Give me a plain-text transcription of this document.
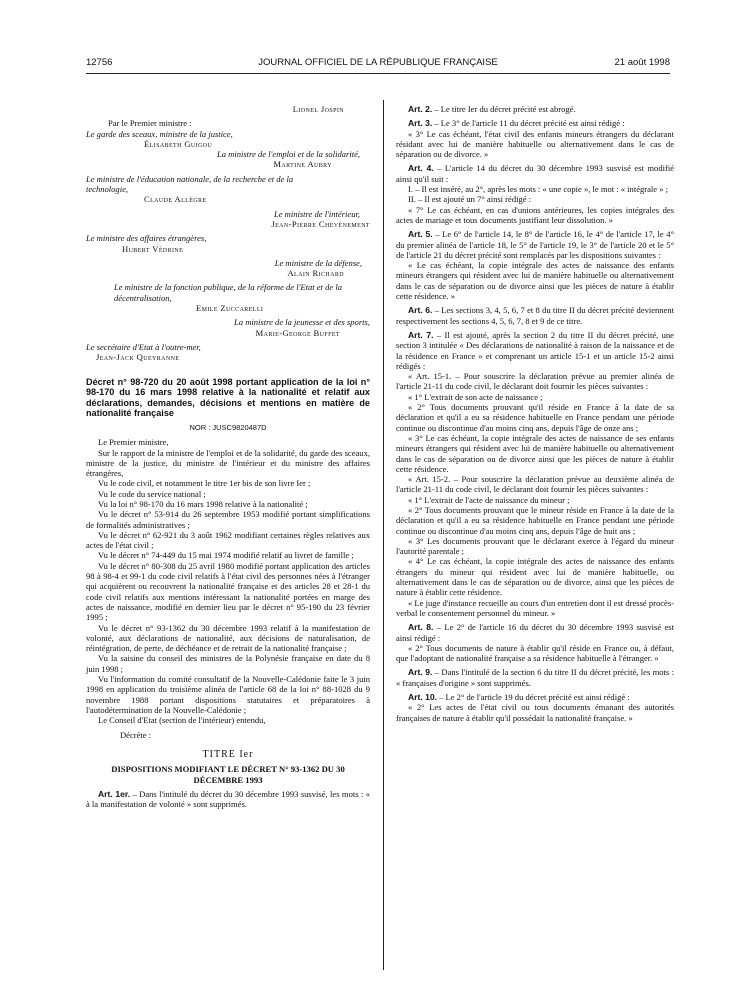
12756	JOURNAL OFFICIEL DE LA RÉPUBLIQUE FRANÇAISE	21 août 1998

Lionel Jospin

Par le Premier ministre :

Le garde des sceaux, ministre de la justice,

Élisabeth Guigou

La ministre de l'emploi et de la solidarité,

Martine Aubry

Le ministre de l'éducation nationale, de la recherche et de la technologie,

Claude Allègre

Le ministre de l'intérieur,

Jean-Pierre Chevènement

Le ministre des affaires étrangères,

Hubert Védrine

Le ministre de la défense,

Alain Richard

Le ministre de la fonction publique, de la réforme de l'Etat et de la décentralisation,

Emile Zuccarelli

La ministre de la jeunesse et des sports,

Marie-George Buffet

Le secrétaire d'Etat à l'outre-mer,

Jean-Jack Queyranne

Décret n° 98-720 du 20 août 1998 portant application de la loi n° 98-170 du 16 mars 1998 relative à la nationalité et relatif aux déclarations, demandes, décisions et mentions en matière de nationalité française

NOR : JUSC9820487D

Le Premier ministre,

Sur le rapport de la ministre de l'emploi et de la solidarité, du garde des sceaux, ministre de la justice, du ministre de l'intérieur et du ministre des affaires étrangères,

Vu le code civil, et notamment le titre 1er bis de son livre Ier ;

Vu le code du service national ;

Vu la loi n° 98-170 du 16 mars 1998 relative à la nationalité ;

Vu le décret n° 53-914 du 26 septembre 1953 modifié portant simplifications de formalités administratives ;

Vu le décret n° 62-921 du 3 août 1962 modifiant certaines règles relatives aux actes de l'état civil ;

Vu le décret n° 74-449 du 15 mai 1974 modifié relatif au livret de famille ;

Vu le décret n° 80-308 du 25 avril 1980 modifié portant application des articles 98 à 98-4 et 99-1 du code civil relatifs à l'état civil des personnes nées à l'étranger qui acquièrent ou recouvrent la nationalité française et des articles 28 et 28-1 du code civil relatifs aux mentions intéressant la nationalité portées en marge des actes de naissance, modifié en dernier lieu par le décret n° 95-190 du 23 février 1995 ;

Vu le décret n° 93-1362 du 30 décembre 1993 relatif à la manifestation de volonté, aux déclarations de nationalité, aux décisions de naturalisation, de réintégration, de perte, de déchéance et de retrait de la nationalité française ;

Vu la saisine du conseil des ministres de la Polynésie française en date du 8 juin 1998 ;

Vu l'information du comité consultatif de la Nouvelle-Calédonie faite le 3 juin 1998 en application du troisième alinéa de l'article 68 de la loi n° 88-1028 du 9 novembre 1988 portant dispositions statutaires et préparatoires à l'autodétermination de la Nouvelle-Calédonie ;

Le Conseil d'Etat (section de l'intérieur) entendu,

Décrète :

TITRE Ier

DISPOSITIONS MODIFIANT LE DÉCRET N° 93-1362 DU 30 DÉCEMBRE 1993

Art. 1er. – Dans l'intitulé du décret du 30 décembre 1993 susvisé, les mots : « à la manifestation de volonté » sont supprimés.

Art. 2. – Le titre Ier du décret précité est abrogé.

Art. 3. – Le 3° de l'article 11 du décret précité est ainsi rédigé :

« 3° Le cas échéant, l'état civil des enfants mineurs étrangers du déclarant résidant avec lui de manière habituelle ou alternativement dans le cas de séparation ou de divorce. »

Art. 4. – L'article 14 du décret du 30 décembre 1993 susvisé est modifié ainsi qu'il suit :

I. – Il est inséré, au 2°, après les mots : « une copie », le mot : « intégrale » ;

II. – Il est ajouté un 7° ainsi rédigé :

« 7° Le cas échéant, en cas d'unions antérieures, les copies intégrales des actes de mariage et tous documents justifiant leur dissolution. »

Art. 5. – Le 6° de l'article 14, le 8° de l'article 16, le 4° de l'article 17, le 4° du premier alinéa de l'article 18, le 5° de l'article 19, le 3° de l'article 20 et le 5° de l'article 21 du décret précité sont remplacés par les dispositions suivantes :

« Le cas échéant, la copie intégrale des actes de naissance des enfants mineurs étrangers qui résident avec lui de manière habituelle ou alternativement dans le cas de séparation ou de divorce ainsi que les pièces de nature à établir cette résidence. »

Art. 6. – Les sections 3, 4, 5, 6, 7 et 8 du titre II du décret précité deviennent respectivement les sections 4, 5, 6, 7, 8 et 9 de ce titre.

Art. 7. – Il est ajouté, après la section 2 du titre II du décret précité, une section 3 intitulée « Des déclarations de nationalité à raison de la naissance et de la résidence en France » et comprenant un article 15-1 et un article 15-2 ainsi rédigés :

« Art. 15-1. – Pour souscrire la déclaration prévue au premier alinéa de l'article 21-11 du code civil, le déclarant doit fournir les pièces suivantes :

« 1° L'extrait de son acte de naissance ;

« 2° Tous documents prouvant qu'il réside en France à la date de sa déclaration et qu'il a eu sa résidence habituelle en France pendant une période continue ou discontinue d'au moins cinq ans, depuis l'âge de onze ans ;

« 3° Le cas échéant, la copie intégrale des actes de naissance de ses enfants mineurs étrangers qui résident avec lui de manière habituelle ou alternativement dans le cas de séparation ou de divorce ainsi que les pièces de nature à établir cette résidence.

« Art. 15-2. – Pour souscrire la déclaration prévue au deuxième alinéa de l'article 21-11 du code civil, le déclarant doit fournir les pièces suivantes :

« 1° L'extrait de l'acte de naissance du mineur ;

« 2° Tous documents prouvant que le mineur réside en France à la date de la déclaration et qu'il a eu sa résidence habituelle en France pendant une période continue ou discontinue d'au moins cinq ans, depuis l'âge de huit ans ;

« 3° Les documents prouvant que le déclarant exerce à l'égard du mineur l'autorité parentale ;

« 4° Le cas échéant, la copie intégrale des actes de naissance des enfants étrangers du mineur qui résident avec lui de manière habituelle, ou alternativement dans le cas de séparation ou de divorce, ainsi que les pièces de nature à établir cette résidence.

« Le juge d'instance recueille au cours d'un entretien dont il est dressé procès-verbal le consentement personnel du mineur. »

Art. 8. – Le 2° de l'article 16 du décret du 30 décembre 1993 susvisé est ainsi rédigé :

« 2° Tous documents de nature à établir qu'il réside en France ou, à défaut, que l'adoptant de nationalité française a sa résidence habituelle à l'étranger. »

Art. 9. – Dans l'intitulé de la section 6 du titre II du décret précité, les mots : « françaises d'origine » sont supprimés.

Art. 10. – Le 2° de l'article 19 du décret précité est ainsi rédigé :

« 2° Les actes de l'état civil ou tous documents émanant des autorités françaises de nature à établir qu'il possédait la nationalité française. »
